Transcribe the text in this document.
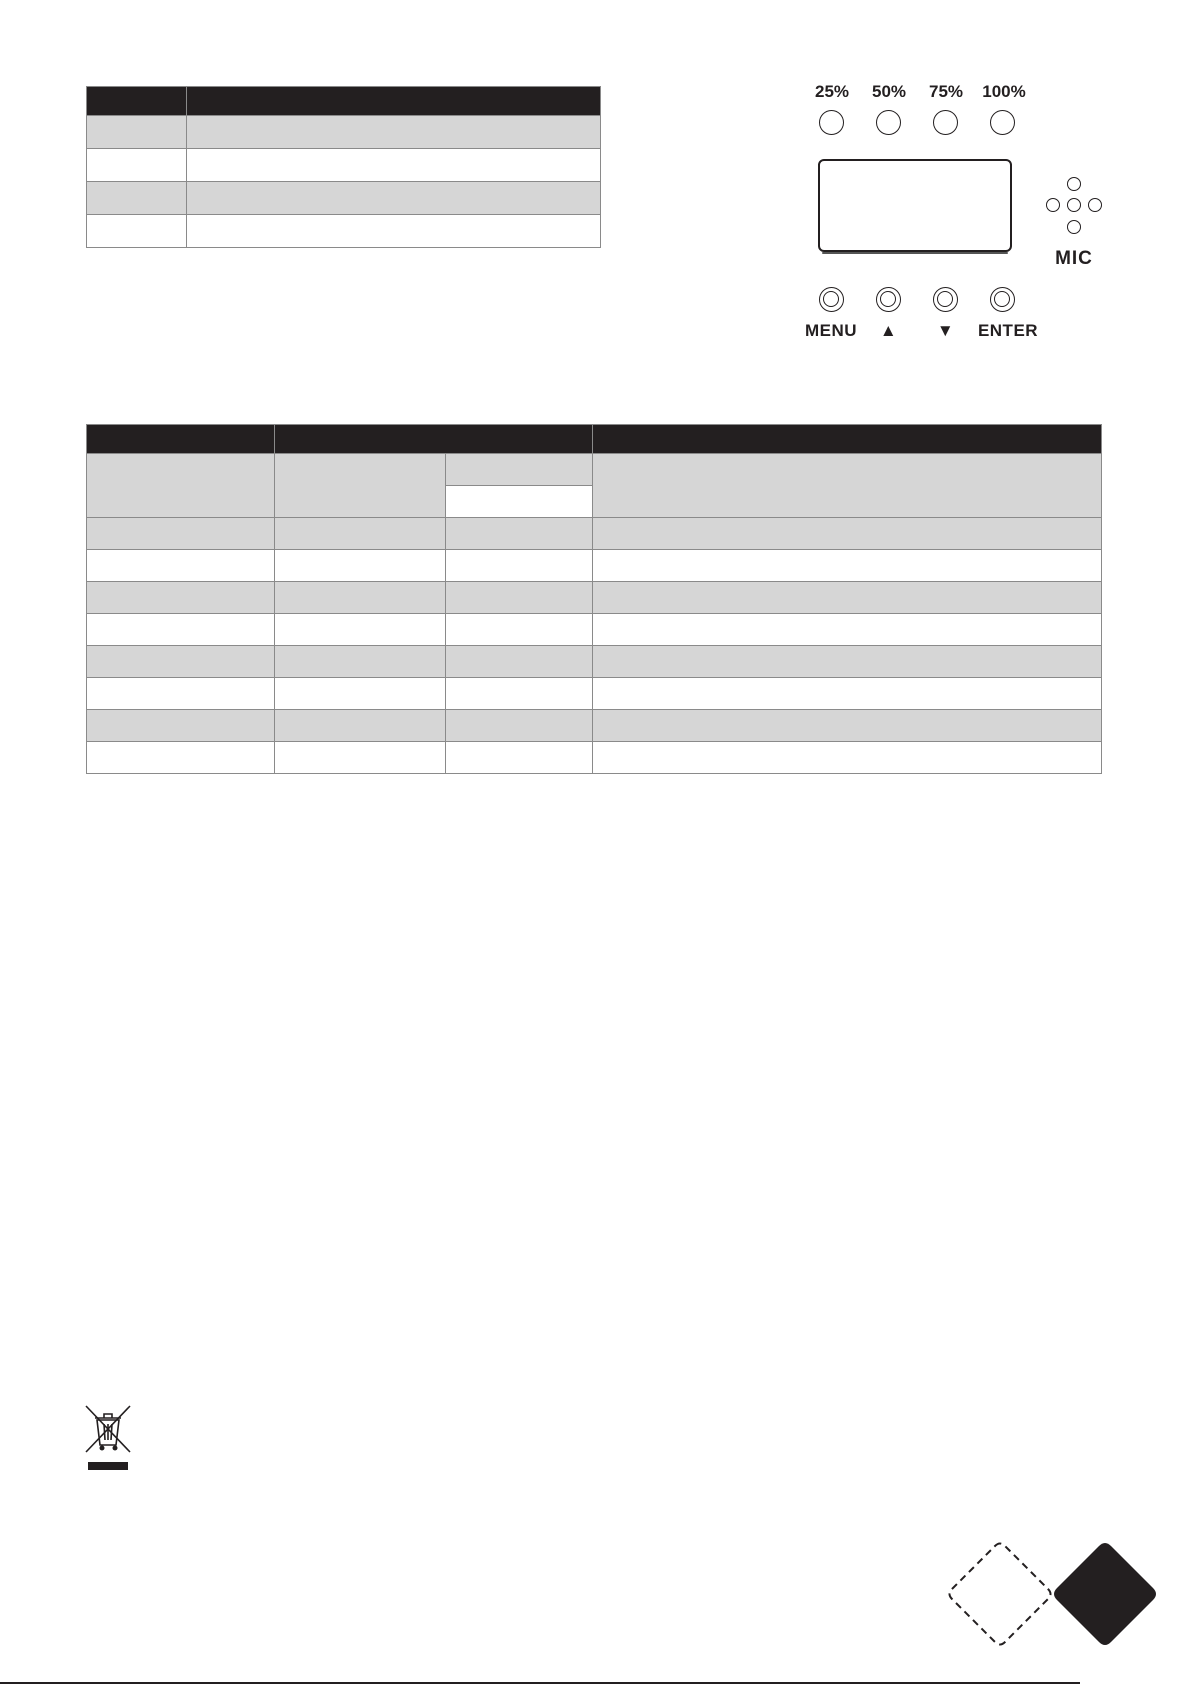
25%	50%	75%	100%
MIC
MENU	▲	▼	ENTER
